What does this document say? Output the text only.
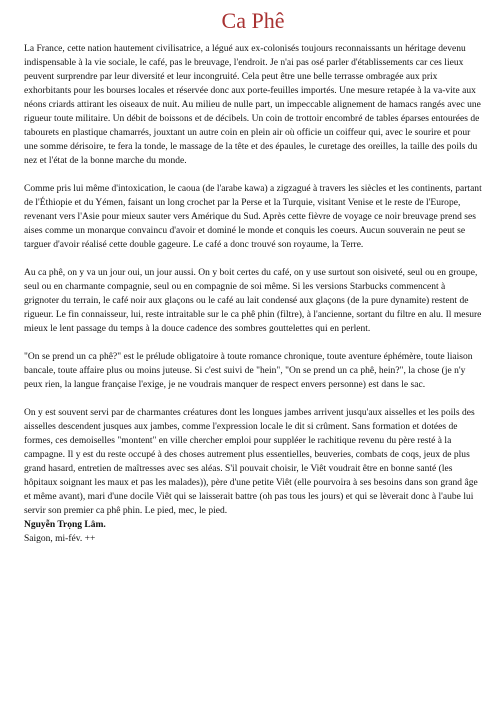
Ca Phê

La France, cette nation hautement civilisatrice, a légué aux ex-colonisés toujours reconnaissants un héritage devenu indispensable à la vie sociale, le café, pas le breuvage, l'endroit. Je n'ai pas osé parler d'établissements car ces lieux peuvent surprendre par leur diversité et leur incongruité. Cela peut être une belle terrasse ombragée aux prix exhorbitants pour les bourses locales et réservée donc aux porte-feuilles importés. Une mesure retapée à la va-vite aux néons criards attirant les oiseaux de nuit. Au milieu de nulle part, un impeccable alignement de hamacs rangés avec une rigueur toute militaire. Un débit de boissons et de décibels. Un coin de trottoir encombré de tables éparses entourées de tabourets en plastique chamarrés, jouxtant un autre coin en plein air où officie un coiffeur qui, avec le sourire et pour une somme dérisoire, te fera la tonde, le massage de la tête et des épaules, le curetage des oreilles, la taille des poils du nez et l'état de la bonne marche du monde.

Comme pris lui même d'intoxication, le caoua (de l'arabe kawa) a zigzagué à travers les siècles et les continents, partant de l'Éthiopie et du Yémen, faisant un long crochet par la Perse et la Turquie, visitant Venise et le reste de l'Europe, revenant vers l'Asie pour mieux sauter vers Amérique du Sud. Après cette fièvre de voyage ce noir breuvage prend ses aises comme un monarque convaincu d'avoir et dominé le monde et conquis les coeurs. Aucun souverain ne peut se targuer d'avoir réalisé cette double gageure. Le café a donc trouvé son royaume, la Terre.

Au ca phê, on y va un jour oui, un jour aussi. On y boit certes du café, on y use surtout son oisiveté, seul ou en groupe, seul ou en charmante compagnie, seul ou en compagnie de soi même. Si les versions Starbucks commencent à grignoter du terrain, le café noir aux glaçons ou le café au lait condensé aux glaçons (de la pure dynamite) restent de rigueur. Le fin connaisseur, lui, reste intraitable sur le ca phê phin (filtre), à l'ancienne, sortant du filtre en alu. Il mesure mieux le lent passage du temps à la douce cadence des sombres gouttelettes qui en perlent.

"On se prend un ca phê?" est le prélude obligatoire à toute romance chronique, toute aventure éphémère, toute liaison bancale, toute affaire plus ou moins juteuse. Si c'est suivi de "hein", "On se prend un ca phê, hein?", la chose (je n'y peux rien, la langue française l'exige, je ne voudrais manquer de respect envers personne) est dans le sac.

On y est souvent servi par de charmantes créatures dont les longues jambes arrivent jusqu'aux aisselles et les poils des aisselles descendent jusques aux jambes, comme l'expression locale le dit si crûment. Sans formation et dotées de formes, ces demoiselles "montent" en ville chercher emploi pour suppléer le rachitique revenu du père resté à la campagne. Il y est du reste occupé à des choses autrement plus essentielles, beuveries, combats de coqs, jeux de plus grand hasard, entretien de maîtresses avec ses aléas. S'il pouvait choisir, le Viêt voudrait être en bonne santé (les hôpitaux soignant les maux et pas les malades)), père d'une petite Viêt (elle pourvoira à ses besoins dans son grand âge et même avant), mari d'une docile Viêt qui se laisserait battre (oh pas tous les jours) et qui se lèverait donc à l'aube lui servir son premier ca phê phin. Le pied, mec, le pied.

Nguyễn Trọng Lâm.

Saigon, mi-fév. ++
